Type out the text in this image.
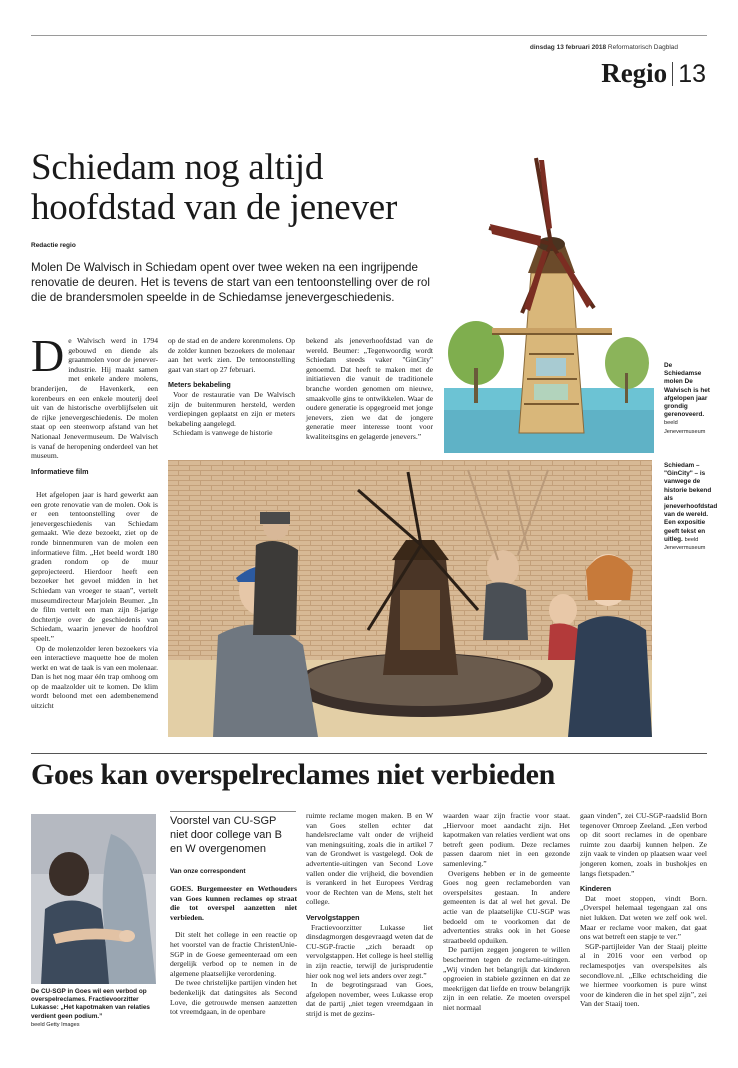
dinsdag 13 februari 2018 Reformatorisch Dagblad
Regio 13
Schiedam nog altijd
hoofdstad van de jenever
Redactie regio
Molen De Walvisch in Schiedam opent over twee weken na een ingrijpende renovatie de deuren. Het is tevens de start van een tentoonstelling over de rol die de brandersmolen speelde in de Schiedamse jenevergeschiedenis.
De Schiedamse molen De Walvisch is het afgelopen jaar grondig gerenoveerd. beeld Jenevermuseum
D e Walvisch werd in 1794 gebouwd en diende als graanmolen voor de jenever-industrie. Hij maakt samen met enkele andere molens, branderijen, de Havenkerk, een korenbeurs en een enkele mouterij deel uit van de historische overblijfselen uit de rijke jenevergeschiedenis. De molen staat op een steenworp afstand van het Nationaal Jenevermuseum. De Walvisch is vanaf de heropening onderdeel van het museum.

Informatieve film

op de stad en de andere korenmolens. Op de zolder kunnen bezoekers de molenaar aan het werk zien. De tentoonstelling gaat van start op 27 februari.

Meters bekabeling

Voor de restauratie van De Walvisch zijn de buitenmuren hersteld, werden verdiepingen geplaatst en zijn er meters bekabeling aangelegd.

Schiedam is vanwege de historie

bekend als jeneverhoofdstad van de wereld. Beumer: „Tegenwoordig wordt Schiedam steeds vaker "GinCity" genoemd. Dat heeft te maken met de initiatieven die vanuit de traditionele branche worden genomen om nieuwe, smaakvolle gins te ontwikkelen. Waar de oudere generatie is opgegroeid met jonge jenevers, zien we dat de jongere generatie meer interesse toont voor kwaliteitsgins en gelagerde jenevers.”

Schiedam – "GinCity" – is vanwege de historie bekend als jeneverhoofdstad van de wereld. Een expositie geeft tekst en uitleg. beeld Jenevermuseum

Het afgelopen jaar is hard gewerkt aan een grote renovatie van de molen. Ook is er een tentoonstelling over de jenevergeschiedenis van Schiedam gemaakt. Wie deze bezoekt, ziet op de ronde binnenmuren van de molen een informatieve film. „Het beeld wordt 180 graden rondom op de muur geprojecteerd. Hierdoor heeft een bezoeker het gevoel midden in het Schiedam van vroeger te staan”, vertelt museumdirecteur Marjolein Beumer. „In de film vertelt een man zijn 8-jarige dochtertje over de geschiedenis van Schiedam, waarin jenever de hoofdrol speelt.”

Op de molenzolder leren bezoekers via een interactieve maquette hoe de molen werkt en wat de taak is van een molenaar. Dan is het nog maar één trap omhoog om op de maalzolder uit te komen. De klim wordt beloond met een adembenemend uitzicht

Goes kan overspelreclames niet verbieden
De CU-SGP in Goes wil een verbod op overspelreclames. Fractievoorzitter Lukasse: „Het kapotmaken van relaties verdient geen podium.”
beeld Getty Images
Voorstel van CU-SGP niet door college van B en W overgenomen
Van onze correspondent

GOES. Burgemeester en Wethouders van Goes kunnen reclames op straat die tot overspel aanzetten niet verbieden.

Dit stelt het college in een reactie op het voorstel van de fractie ChristenUnie-SGP in de Goese gemeenteraad om een dergelijk verbod op te nemen in de algemene plaatselijke verordening.

De twee christelijke partijen vinden het bedenkelijk dat datingsites als Second Love, die getrouwde mensen aanzetten tot vreemdgaan, in de openbare

ruimte reclame mogen maken. B en W van Goes stellen echter dat handelsreclame valt onder de vrijheid van meningsuiting, zoals die in artikel 7 van de Grondwet is vastgelegd. Ook de advertentie-uitingen van Second Love vallen onder die vrijheid, die bovendien is verankerd in het Europees Verdrag voor de Rechten van de Mens, stelt het college.

Vervolgstappen

Fractievoorzitter Lukasse liet dinsdagmorgen desgevraagd weten dat de CU-SGP-fractie „zich beraadt op vervolgstappen. Het college is heel stellig in zijn reactie, terwijl de jurisprudentie hier ook nog wel iets anders over zegt.”

In de begrotingsraad van Goes, afgelopen november, wees Lukasse erop dat de partij „niet tegen vreemdgaan in strijd is met de gezins-

waarden waar zijn fractie voor staat. „Hiervoor moet aandacht zijn. Het kapotmaken van relaties verdient wat ons betreft geen podium. Deze reclames passen daarom niet in een gezonde samenleving.”

Overigens hebben er in de gemeente Goes nog geen reclameborden van overspelsites gestaan. In andere gemeenten is dat al wel het geval. De actie van de plaatselijke CU-SGP was bedoeld om te voorkomen dat de advertenties straks ook in het Goese straatbeeld opduiken.

De partijen zeggen jongeren te willen beschermen tegen de reclame-uitingen. „Wij vinden het belangrijk dat kinderen opgroeien in stabiele gezinnen en dat ze meekrijgen dat liefde en trouw belangrijk zijn in een relatie. Ze moeten overspel niet normaal

gaan vinden”, zei CU-SGP-raadslid Born tegenover Omroep Zeeland. „Een verbod op dit soort reclames in de openbare ruimte zou daarbij kunnen helpen. Ze zijn vaak te vinden op plaatsen waar veel jongeren komen, zoals in bushokjes en langs fietspaden.”

Kinderen

Dat moet stoppen, vindt Born. „Overspel helemaal tegengaan zal ons niet lukken. Dat weten we zelf ook wel. Maar er reclame voor maken, dat gaat ons wat betreft een stapje te ver.”

SGP-partijleider Van der Staaij pleitte al in 2016 voor een verbod op reclamespotjes van overspelsites als secondlove.nl. „Elke echtscheiding die we hiermee voorkomen is pure winst voor de kinderen die in het spel zijn”, zei Van der Staaij toen.
